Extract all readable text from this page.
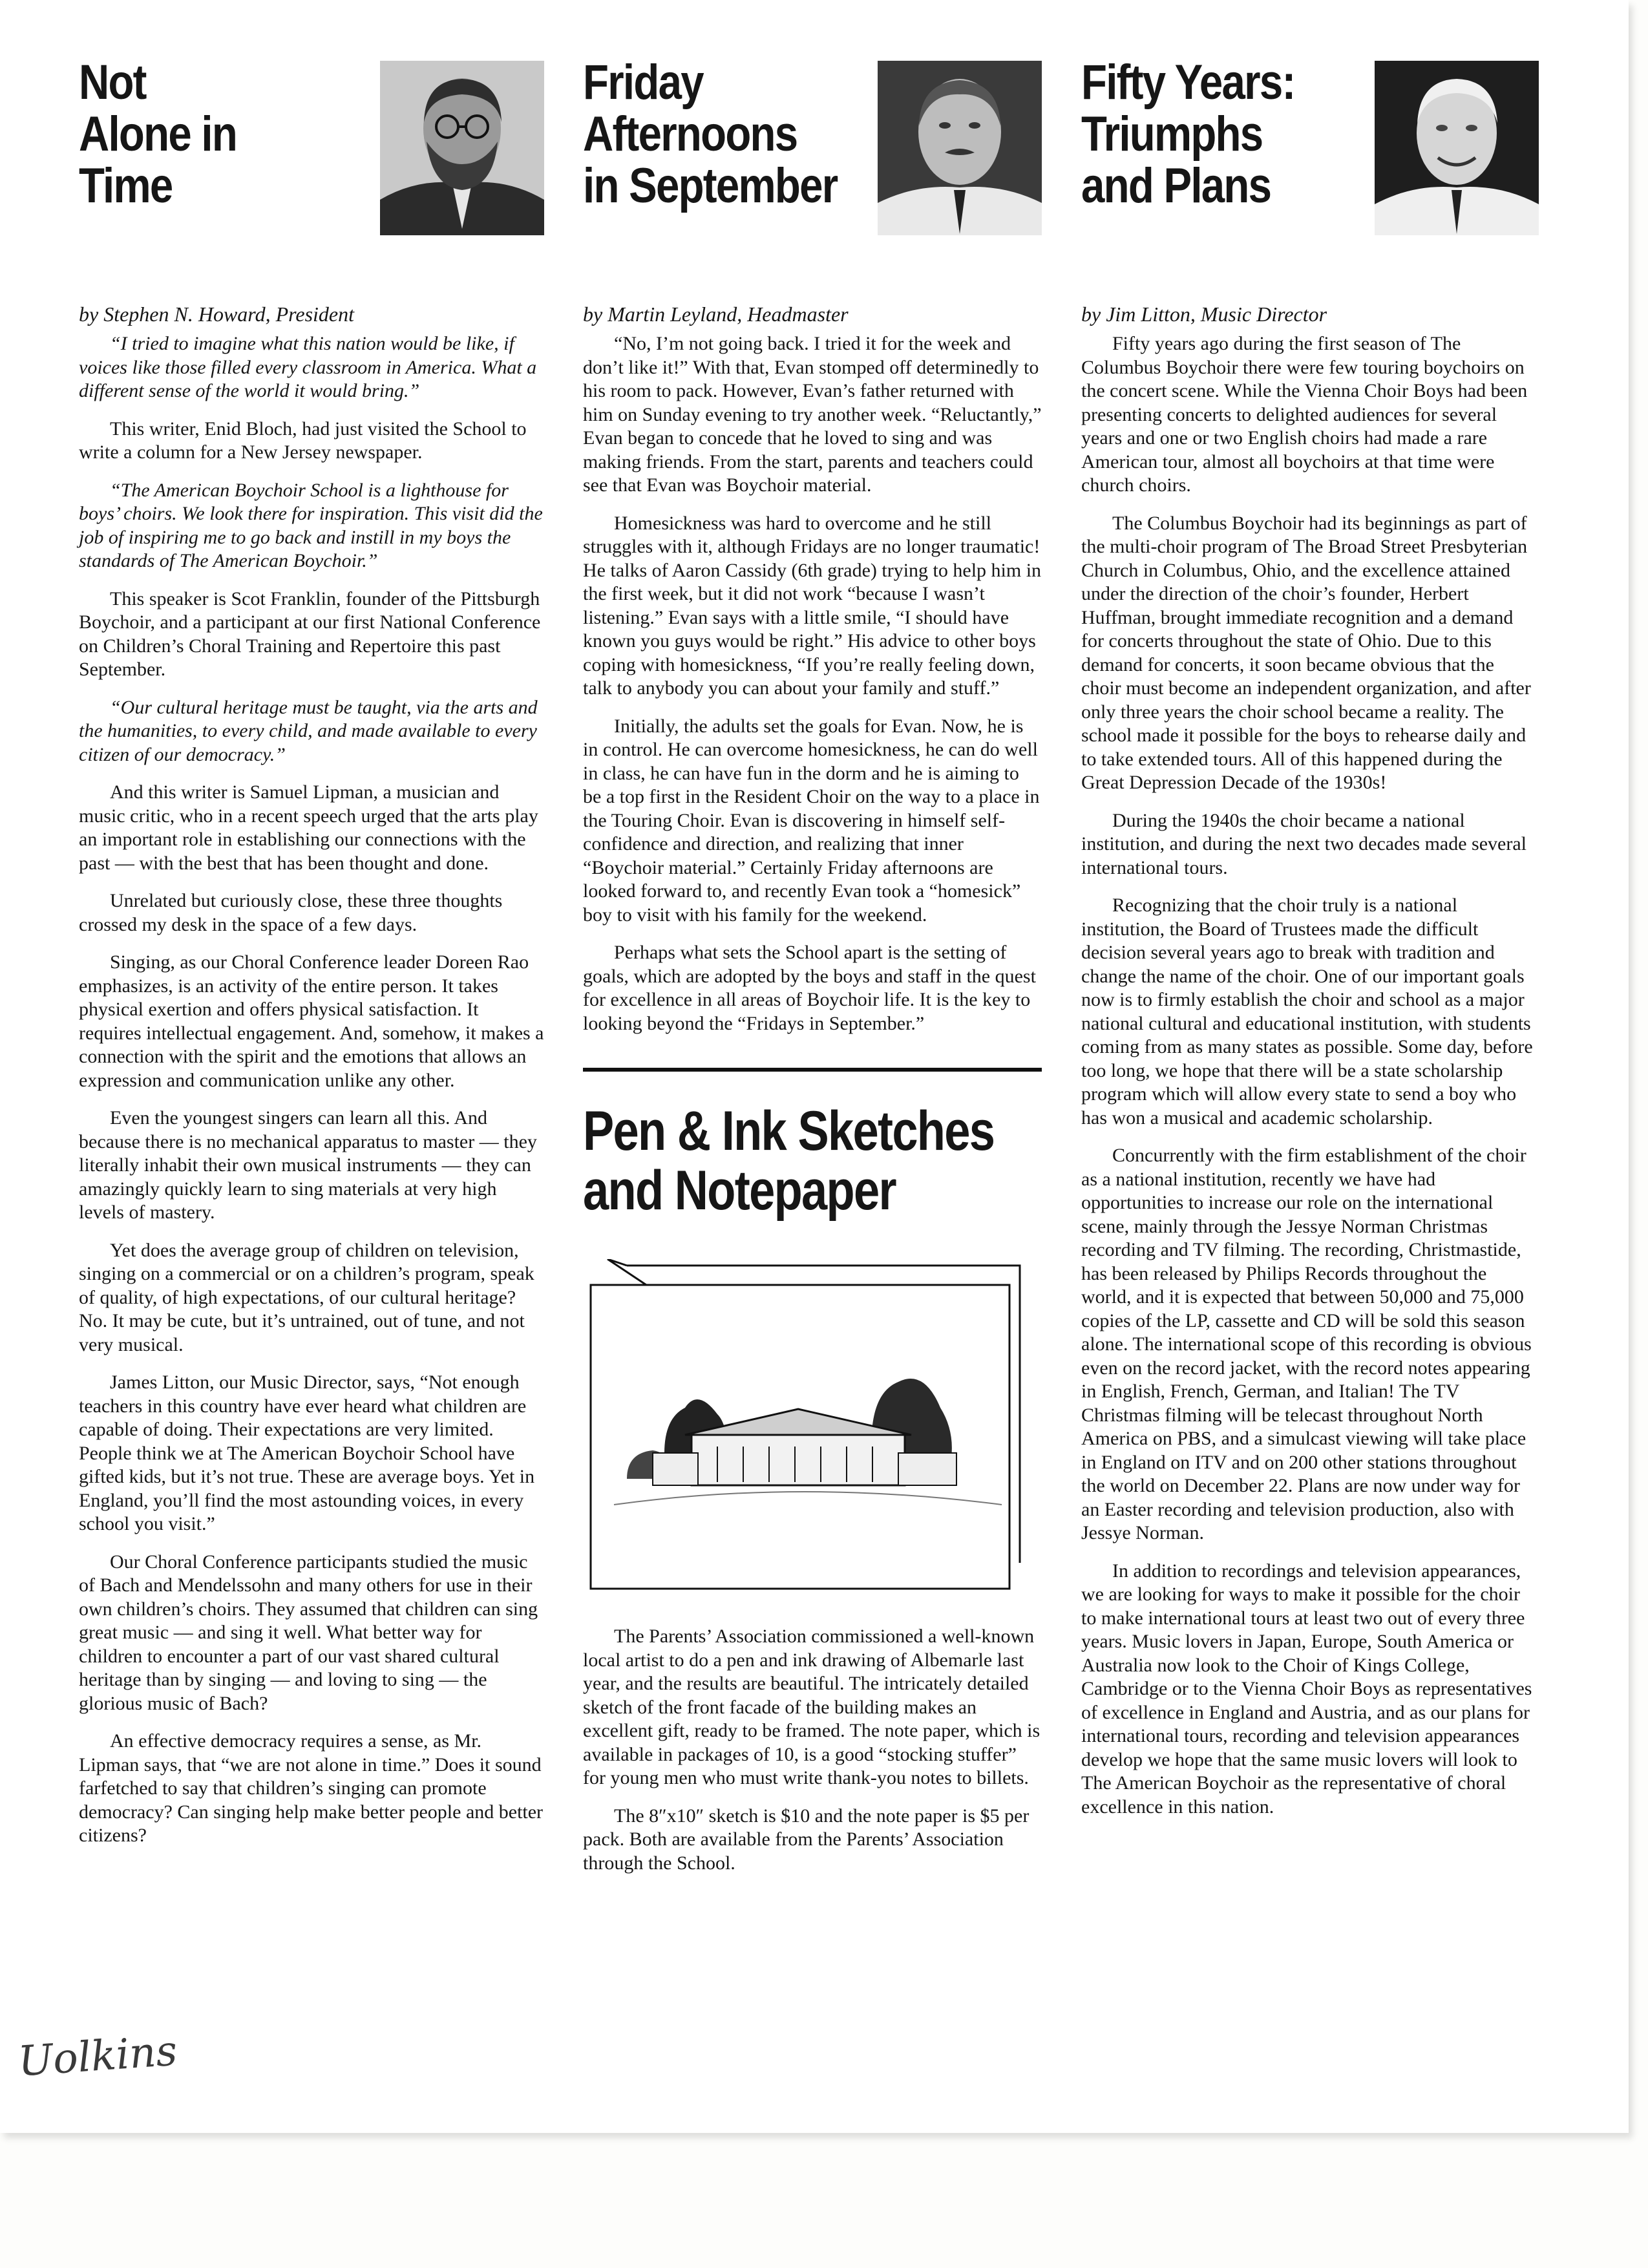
Not
Alone in
Time
by Stephen N. Howard, President

“I tried to imagine what this nation would be like, if voices like those filled every classroom in America. What a different sense of the world it would bring.”

This writer, Enid Bloch, had just visited the School to write a column for a New Jersey newspaper.

“The American Boychoir School is a lighthouse for boys’ choirs. We look there for inspiration. This visit did the job of inspiring me to go back and instill in my boys the standards of The American Boychoir.”

This speaker is Scot Franklin, founder of the Pittsburgh Boychoir, and a participant at our first National Conference on Children’s Choral Training and Repertoire this past September.

“Our cultural heritage must be taught, via the arts and the humanities, to every child, and made available to every citizen of our democracy.”

And this writer is Samuel Lipman, a musician and music critic, who in a recent speech urged that the arts play an important role in establishing our connections with the past — with the best that has been thought and done.

Unrelated but curiously close, these three thoughts crossed my desk in the space of a few days.

Singing, as our Choral Conference leader Doreen Rao emphasizes, is an activity of the entire person. It takes physical exertion and offers physical satisfaction. It requires intellectual engagement. And, somehow, it makes a connection with the spirit and the emotions that allows an expression and communication unlike any other.

Even the youngest singers can learn all this. And because there is no mechanical apparatus to master — they literally inhabit their own musical instruments — they can amazingly quickly learn to sing materials at very high levels of mastery.

Yet does the average group of children on television, singing on a commercial or on a children’s program, speak of quality, of high expectations, of our cultural heritage? No. It may be cute, but it’s untrained, out of tune, and not very musical.

James Litton, our Music Director, says, “Not enough teachers in this country have ever heard what children are capable of doing. Their expectations are very limited. People think we at The American Boychoir School have gifted kids, but it’s not true. These are average boys. Yet in England, you’ll find the most astounding voices, in every school you visit.”

Our Choral Conference participants studied the music of Bach and Mendelssohn and many others for use in their own children’s choirs. They assumed that children can sing great music — and sing it well. What better way for children to encounter a part of our vast shared cultural heritage than by singing — and loving to sing — the glorious music of Bach?

An effective democracy requires a sense, as Mr. Lipman says, that “we are not alone in time.” Does it sound farfetched to say that children’s singing can promote democracy? Can singing help make better people and better citizens?

Friday
Afternoons
in September
by Martin Leyland, Headmaster

“No, I’m not going back. I tried it for the week and don’t like it!” With that, Evan stomped off determinedly to his room to pack. However, Evan’s father returned with him on Sunday evening to try another week. “Reluctantly,” Evan began to concede that he loved to sing and was making friends. From the start, parents and teachers could see that Evan was Boychoir material.

Homesickness was hard to overcome and he still struggles with it, although Fridays are no longer traumatic! He talks of Aaron Cassidy (6th grade) trying to help him in the first week, but it did not work “because I wasn’t listening.” Evan says with a little smile, “I should have known you guys would be right.” His advice to other boys coping with homesickness, “If you’re really feeling down, talk to anybody you can about your family and stuff.”

Initially, the adults set the goals for Evan. Now, he is in control. He can overcome homesickness, he can do well in class, he can have fun in the dorm and he is aiming to be a top first in the Resident Choir on the way to a place in the Touring Choir. Evan is discovering in himself self-confidence and direction, and realizing that inner “Boychoir material.” Certainly Friday afternoons are looked forward to, and recently Evan took a “homesick” boy to visit with his family for the weekend.

Perhaps what sets the School apart is the setting of goals, which are adopted by the boys and staff in the quest for excellence in all areas of Boychoir life. It is the key to looking beyond the “Fridays in September.”

Pen & Ink Sketches
and Notepaper

The Parents’ Association commissioned a well-known local artist to do a pen and ink drawing of Albemarle last year, and the results are beautiful. The intricately detailed sketch of the front facade of the building makes an excellent gift, ready to be framed. The note paper, which is available in packages of 10, is a good “stocking stuffer” for young men who must write thank-you notes to billets.

The 8″x10″ sketch is $10 and the note paper is $5 per pack. Both are available from the Parents’ Association through the School.

Fifty Years:
Triumphs
and Plans
by Jim Litton, Music Director

Fifty years ago during the first season of The Columbus Boychoir there were few touring boychoirs on the concert scene. While the Vienna Choir Boys had been presenting concerts to delighted audiences for several years and one or two English choirs had made a rare American tour, almost all boychoirs at that time were church choirs.

The Columbus Boychoir had its beginnings as part of the multi-choir program of The Broad Street Presbyterian Church in Columbus, Ohio, and the excellence attained under the direction of the choir’s founder, Herbert Huffman, brought immediate recognition and a demand for concerts throughout the state of Ohio. Due to this demand for concerts, it soon became obvious that the choir must become an independent organization, and after only three years the choir school became a reality. The school made it possible for the boys to rehearse daily and to take extended tours. All of this happened during the Great Depression Decade of the 1930s!

During the 1940s the choir became a national institution, and during the next two decades made several international tours.

Recognizing that the choir truly is a national institution, the Board of Trustees made the difficult decision several years ago to break with tradition and change the name of the choir. One of our important goals now is to firmly establish the choir and school as a major national cultural and educational institution, with students coming from as many states as possible. Some day, before too long, we hope that there will be a state scholarship program which will allow every state to send a boy who has won a musical and academic scholarship.

Concurrently with the firm establishment of the choir as a national institution, recently we have had opportunities to increase our role on the international scene, mainly through the Jessye Norman Christmas recording and TV filming. The recording, Christmastide, has been released by Philips Records throughout the world, and it is expected that between 50,000 and 75,000 copies of the LP, cassette and CD will be sold this season alone. The international scope of this recording is obvious even on the record jacket, with the record notes appearing in English, French, German, and Italian! The TV Christmas filming will be telecast throughout North America on PBS, and a simulcast viewing will take place in England on ITV and on 200 other stations throughout the world on December 22. Plans are now under way for an Easter recording and television production, also with Jessye Norman.

In addition to recordings and television appearances, we are looking for ways to make it possible for the choir to make international tours at least two out of every three years. Music lovers in Japan, Europe, South America or Australia now look to the Choir of Kings College, Cambridge or to the Vienna Choir Boys as representatives of excellence in England and Austria, and as our plans for international tours, recording and television appearances develop we hope that the same music lovers will look to The American Boychoir as the representative of choral excellence in this nation.

Uolkins
